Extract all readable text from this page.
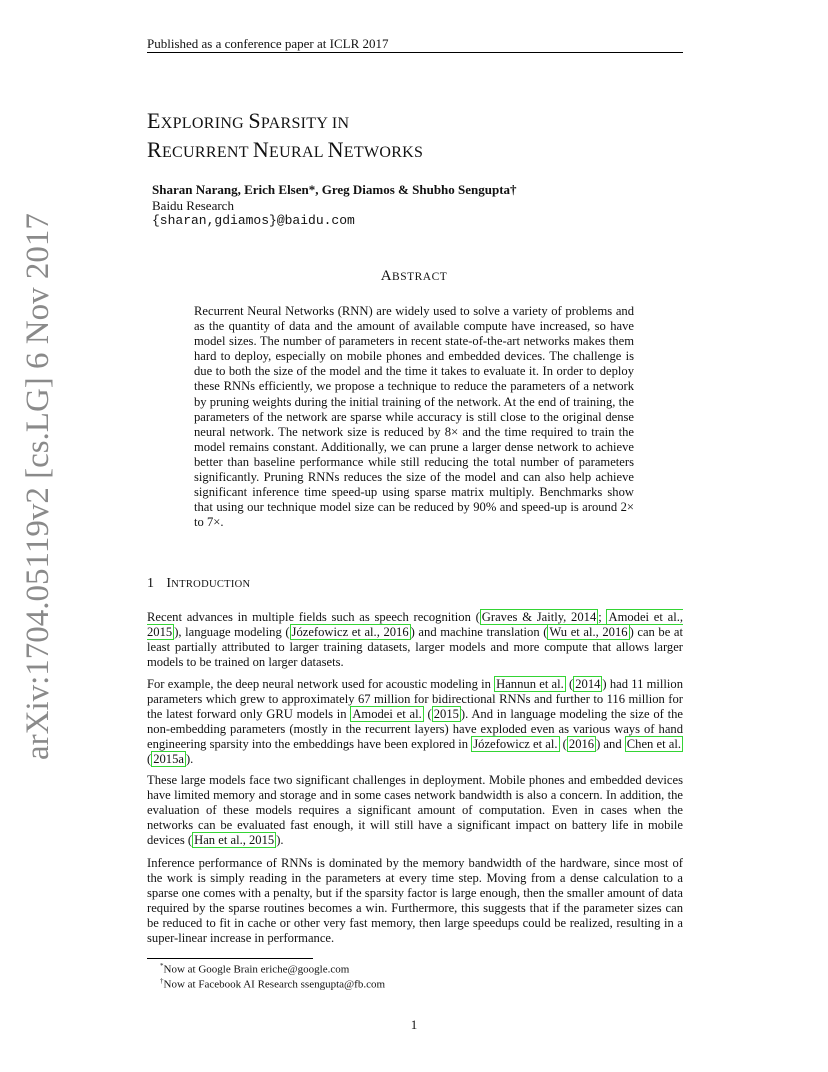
Published as a conference paper at ICLR 2017
EXPLORING SPARSITY IN
RECURRENT NEURAL NETWORKS
Sharan Narang, Erich Elsen*, Greg Diamos & Shubho Sengupta†
Baidu Research
{sharan,gdiamos}@baidu.com
ABSTRACT
Recurrent Neural Networks (RNN) are widely used to solve a variety of problems and as the quantity of data and the amount of available compute have increased, so have model sizes. The number of parameters in recent state-of-the-art networks makes them hard to deploy, especially on mobile phones and embedded devices. The challenge is due to both the size of the model and the time it takes to evaluate it. In order to deploy these RNNs efficiently, we propose a technique to reduce the parameters of a network by pruning weights during the initial training of the network. At the end of training, the parameters of the network are sparse while accuracy is still close to the original dense neural network. The network size is reduced by 8× and the time required to train the model remains constant. Additionally, we can prune a larger dense network to achieve better than baseline performance while still reducing the total number of parameters significantly. Pruning RNNs reduces the size of the model and can also help achieve significant inference time speed-up using sparse matrix multiply. Benchmarks show that using our technique model size can be reduced by 90% and speed-up is around 2× to 7×.
1 INTRODUCTION
Recent advances in multiple fields such as speech recognition ( Graves & Jaitly, 2014 ; Amodei et al., 2015 ), language modeling ( Józefowicz et al., 2016 ) and machine translation ( Wu et al., 2016 ) can be at least partially attributed to larger training datasets, larger models and more compute that allows larger models to be trained on larger datasets.
For example, the deep neural network used for acoustic modeling in Hannun et al. ( 2014 ) had 11 million parameters which grew to approximately 67 million for bidirectional RNNs and further to 116 million for the latest forward only GRU models in Amodei et al. ( 2015 ). And in language modeling the size of the non-embedding parameters (mostly in the recurrent layers) have exploded even as various ways of hand engineering sparsity into the embeddings have been explored in Józefowicz et al. ( 2016 ) and Chen et al. ( 2015a ).
These large models face two significant challenges in deployment. Mobile phones and embedded devices have limited memory and storage and in some cases network bandwidth is also a concern. In addition, the evaluation of these models requires a significant amount of computation. Even in cases when the networks can be evaluated fast enough, it will still have a significant impact on battery life in mobile devices ( Han et al., 2015 ).
Inference performance of RNNs is dominated by the memory bandwidth of the hardware, since most of the work is simply reading in the parameters at every time step. Moving from a dense calculation to a sparse one comes with a penalty, but if the sparsity factor is large enough, then the smaller amount of data required by the sparse routines becomes a win. Furthermore, this suggests that if the parameter sizes can be reduced to fit in cache or other very fast memory, then large speedups could be realized, resulting in a super-linear increase in performance.
*Now at Google Brain eriche@google.com
†Now at Facebook AI Research ssengupta@fb.com
1
arXiv:1704.05119v2 [cs.LG] 6 Nov 2017
